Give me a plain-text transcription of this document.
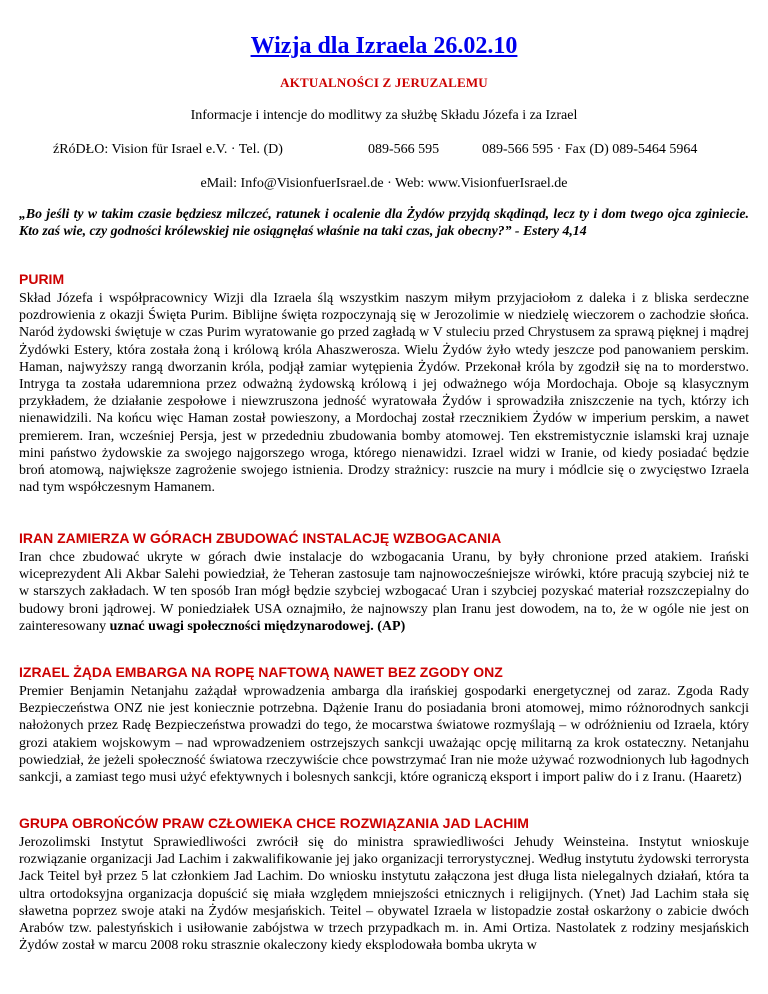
Wizja dla Izraela 26.02.10
AKTUALNOŚCI Z JERUZALEMU
Informacje i intencje do modlitwy za służbę Składu Józefa i za Izrael
źRóDŁO: Vision für Israel e.V. · Tel. (D)	089-566 595	089-566 595 · Fax (D) 089-5464 5964
eMail: Info@VisionfuerIsrael.de · Web: www.VisionfuerIsrael.de
„Bo jeśli ty w takim czasie będziesz milczeć, ratunek i ocalenie dla Żydów przyjdą skądinąd, lecz ty i dom twego ojca zginiecie. Kto zaś wie, czy godności królewskiej nie osiągnęłaś właśnie na taki czas, jak obecny?” - Estery 4,14
PURIM

Skład Józefa i współpracownicy Wizji dla Izraela ślą wszystkim naszym miłym przyjaciołom z daleka i z bliska serdeczne pozdrowienia z okazji Święta Purim. Biblijne święta rozpoczynają się w Jerozolimie w niedzielę wieczorem o zachodzie słońca. Naród żydowski świętuje w czas Purim wyratowanie go przed zagładą w V stuleciu przed Chrystusem za sprawą pięknej i mądrej Żydówki Estery, która została żoną i królową króla Ahaszwerosza. Wielu Żydów żyło wtedy jeszcze pod panowaniem perskim. Haman, najwyższy rangą dworzanin króla, podjął zamiar wytępienia Żydów. Przekonał króla by zgodził się na to morderstwo. Intryga ta została udaremniona przez odważną żydowską królową i jej odważnego wója Mordochaja. Oboje są klasycznym przykładem, że działanie zespołowe i niewzruszona jedność wyratowała Żydów i sprowadziła zniszczenie na tych, którzy ich nienawidzili. Na końcu więc Haman został powieszony, a Mordochaj został rzecznikiem Żydów w imperium perskim, a nawet premierem. Iran, wcześniej Persja, jest w przededniu zbudowania bomby atomowej. Ten ekstremistycznie islamski kraj uznaje mini państwo żydowskie za swojego najgorszego wroga, którego nienawidzi. Izrael widzi w Iranie, od kiedy posiadać będzie broń atomową, największe zagrożenie swojego istnienia. Drodzy strażnicy: ruszcie na mury i módlcie się o zwycięstwo Izraela nad tym współczesnym Hamanem.

IRAN ZAMIERZA W GÓRACH ZBUDOWAĆ INSTALACJĘ WZBOGACANIA

Iran chce zbudować ukryte w górach dwie instalacje do wzbogacania Uranu, by były chronione przed atakiem. Irański wiceprezydent Ali Akbar Salehi powiedział, że Teheran zastosuje tam najnowocześniejsze wirówki, które pracują szybciej niż te w starszych zakładach. W ten sposób Iran mógł będzie szybciej wzbogacać Uran i szybciej pozyskać materiał rozszczepialny do budowy broni jądrowej. W poniedziałek USA oznajmiło, że najnowszy plan Iranu jest dowodem, na to, że w ogóle nie jest on zainteresowany uznać uwagi społeczności międzynarodowej. (AP)

IZRAEL ŻĄDA EMBARGA NA ROPĘ NAFTOWĄ NAWET BEZ ZGODY ONZ

Premier Benjamin Netanjahu zażądał wprowadzenia ambarga dla irańskiej gospodarki energetycznej od zaraz. Zgoda Rady Bezpieczeństwa ONZ nie jest koniecznie potrzebna. Dążenie Iranu do posiadania broni atomowej, mimo różnorodnych sankcji nałożonych przez Radę Bezpieczeństwa prowadzi do tego, że mocarstwa światowe rozmyślają – w odróżnieniu od Izraela, który grozi atakiem wojskowym – nad wprowadzeniem ostrzejszych sankcji uważając opcję militarną za krok ostateczny. Netanjahu powiedział, że jeżeli społeczność światowa rzeczywiście chce powstrzymać Iran nie może używać rozwodnionych lub łagodnych sankcji, a zamiast tego musi użyć efektywnych i bolesnych sankcji, które ograniczą eksport i import paliw do i z Iranu. (Haaretz)

GRUPA OBROŃCÓW PRAW CZŁOWIEKA CHCE ROZWIĄZANIA JAD LACHIM

Jerozolimski Instytut Sprawiedliwości zwrócił się do ministra sprawiedliwości Jehudy Weinsteina. Instytut wnioskuje rozwiązanie organizacji Jad Lachim i zakwalifikowanie jej jako organizacji terrorystycznej. Według instytutu żydowski terrorysta Jack Teitel był przez 5 lat członkiem Jad Lachim. Do wniosku instytutu załączona jest długa lista nielegalnych działań, która ta ultra ortodoksyjna organizacja dopuścić się miała względem mniejszości etnicznych i religijnych. (Ynet) Jad Lachim stała się sławetna poprzez swoje ataki na Żydów mesjańskich. Teitel – obywatel Izraela w listopadzie został oskarżony o zabicie dwóch Arabów tzw. palestyńskich i usiłowanie zabójstwa w trzech przypadkach m. in. Ami Ortiza. Nastolatek z rodziny mesjańskich Żydów został w marcu 2008 roku strasznie okaleczony kiedy eksplodowała bomba ukryta w
